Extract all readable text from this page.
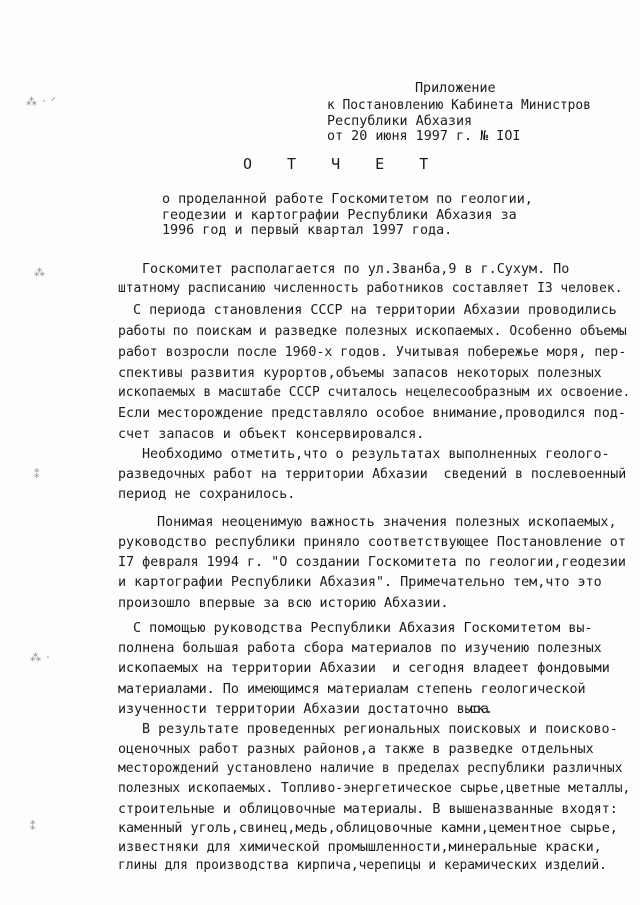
⁂ ⸱ ᐟ
⁂
⁑
⁂ ⸱
⁑

Приложение

к Постановлению Кабинета Министров

Республики Абхазия

от 20 июня 1997 г. № IOI

О Т Ч Е Т

о проделанной работе Госкомитетом по геологии,

геодезии и картографии Республики Абхазия за

1996 год и первый квартал 1997 года.

Госкомитет располагается по ул.Званба,9 в г.Сухум. По

штатному расписанию численность работников составляет I3 человек.

С периода становления СССР на территории Абхазии проводились

работы по поискам и разведке полезных ископаемых. Особенно объемы

работ возросли после 1960-х годов. Учитывая побережье моря, пер-

спективы развития курортов,объемы запасов некоторых полезных

ископаемых в масштабе СССР считалось нецелесообразным их освоение.

Если месторождение представляло особое внимание,проводился под-

счет запасов и объект консервировался.

Необходимо отметить,что о результатах выполненных геолого-

разведочных работ на территории Абхазии  сведений в послевоенный

период не сохранилось.

Понимая неоценимую важность значения полезных ископаемых,

руководство республики приняло соответствующее Постановление от

I7 февраля 1994 г. "О создании Госкомитета по геологии,геодезии

и картографии Республики Абхазия". Примечательно тем,что это

произошло впервые за всю историю Абхазии.

С помощью руководства Республики Абхазия Госкомитетом вы-

полнена большая работа сбора материалов по изучению полезных

ископаемых на территории Абхазии  и сегодня владеет фондовыми

материалами. По имеющимся материалам степень геологической

изученности территории Абхазии достаточно высока.

В результате проведенных региональных поисковых и поисково-

оценочных работ разных районов,а также в разведке отдельных

месторождений установлено наличие в пределах республики различных

полезных ископаемых. Топливо-энергетическое сырье,цветные металлы,

строительные и облицовочные материалы. В вышеназванные входят:

каменный уголь,свинец,медь,облицовочные камни,цементное сырье,

известняки для химической промышленности,минеральные краски,

глины для производства кирпича,черепицы и керамических изделий.
